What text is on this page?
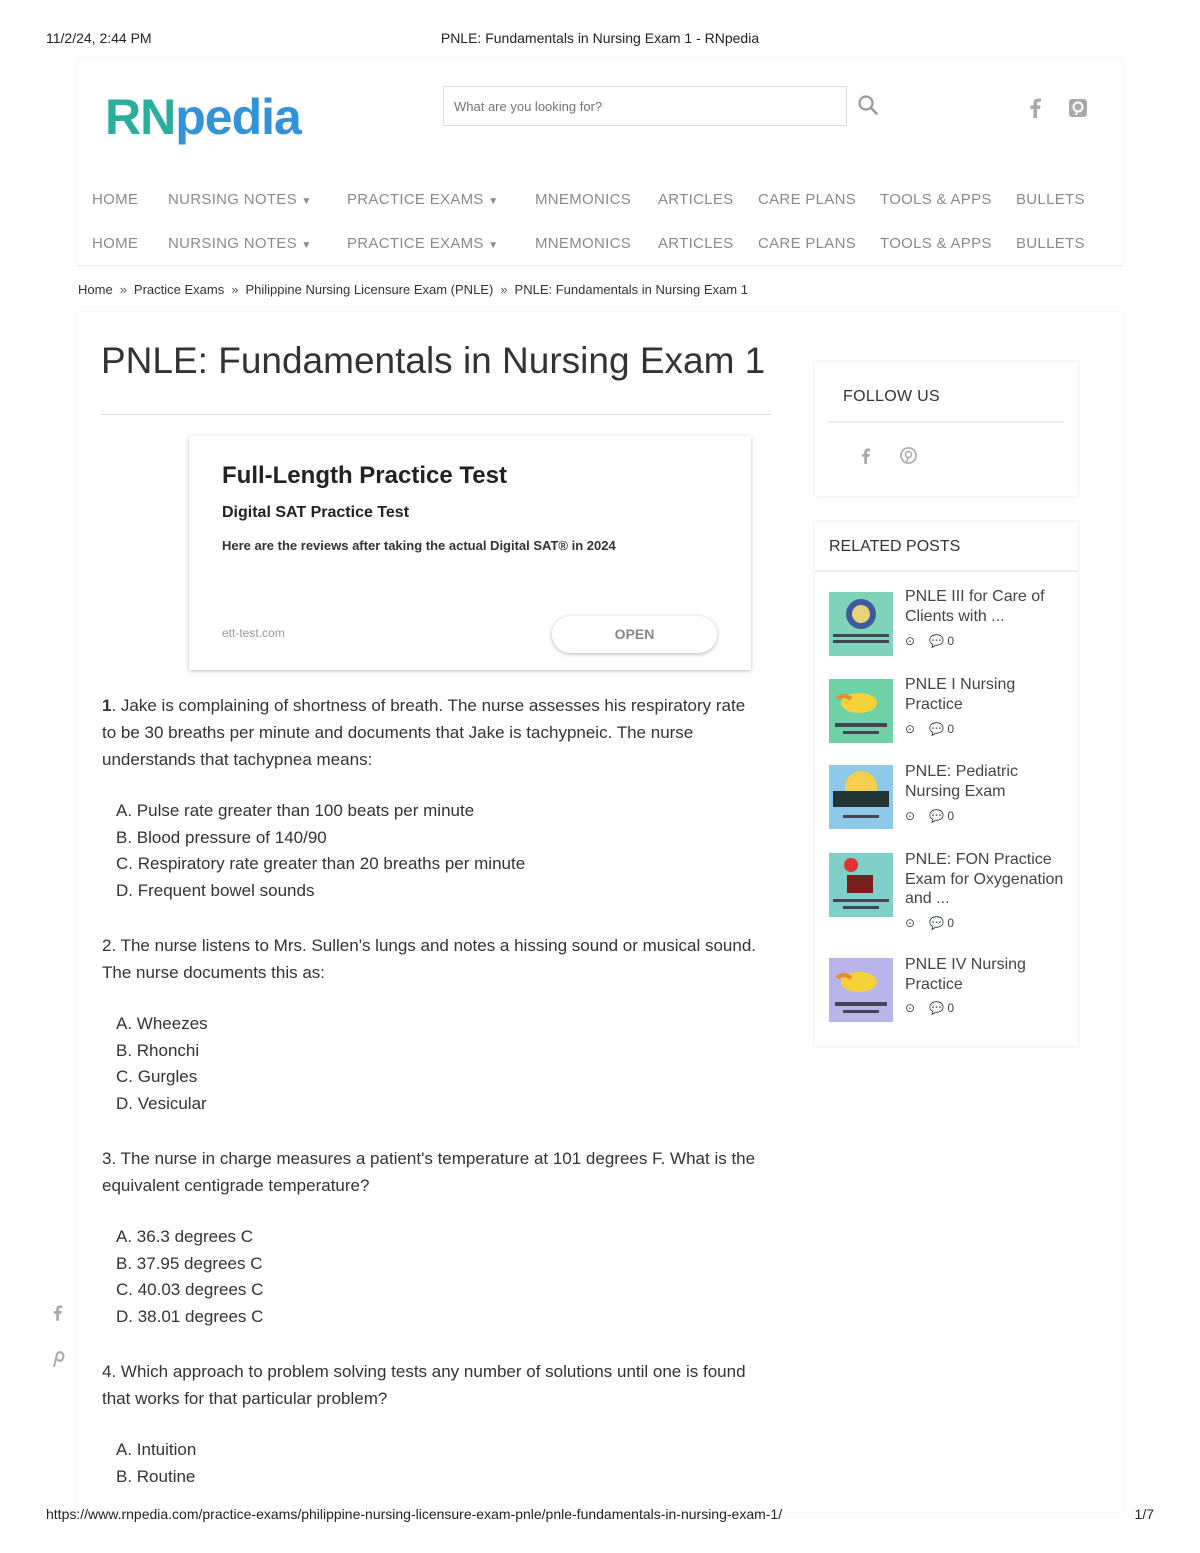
11/2/24, 2:44 PM	PNLE: Fundamentals in Nursing Exam 1 - RNpedia
RNpedia
What are you looking for?
HOME NURSING NOTES ▼ PRACTICE EXAMS ▼ MNEMONICS ARTICLES CARE PLANS TOOLS & APPS BULLETS
HOME NURSING NOTES ▼ PRACTICE EXAMS ▼ MNEMONICS ARTICLES CARE PLANS TOOLS & APPS BULLETS
Home » Practice Exams » Philippine Nursing Licensure Exam (PNLE) » PNLE: Fundamentals in Nursing Exam 1
PNLE: Fundamentals in Nursing Exam 1
Full-Length Practice Test
Digital SAT Practice Test
Here are the reviews after taking the actual Digital SAT® in 2024
ett-test.com	OPEN

1. Jake is complaining of shortness of breath. The nurse assesses his respiratory rate to be 30 breaths per minute and documents that Jake is tachypneic. The nurse understands that tachypnea means:

A. Pulse rate greater than 100 beats per minute
B. Blood pressure of 140/90
C. Respiratory rate greater than 20 breaths per minute
D. Frequent bowel sounds

2. The nurse listens to Mrs. Sullen's lungs and notes a hissing sound or musical sound. The nurse documents this as:

A. Wheezes
B. Rhonchi
C. Gurgles
D. Vesicular

3. The nurse in charge measures a patient's temperature at 101 degrees F. What is the equivalent centigrade temperature?

A. 36.3 degrees C
B. 37.95 degrees C
C. 40.03 degrees C
D. 38.01 degrees C

4. Which approach to problem solving tests any number of solutions until one is found that works for that particular problem?

A. Intuition
B. Routine
FOLLOW US
RELATED POSTS
PNLE III for Care of Clients with ...
⊙ 💬 0
PNLE I Nursing Practice
⊙ 💬 0
PNLE: Pediatric Nursing Exam
⊙ 💬 0
PNLE: FON Practice Exam for Oxygenation and ...
⊙ 💬 0
PNLE IV Nursing Practice
⊙ 💬 0
https://www.rnpedia.com/practice-exams/philippine-nursing-licensure-exam-pnle/pnle-fundamentals-in-nursing-exam-1/	1/7
